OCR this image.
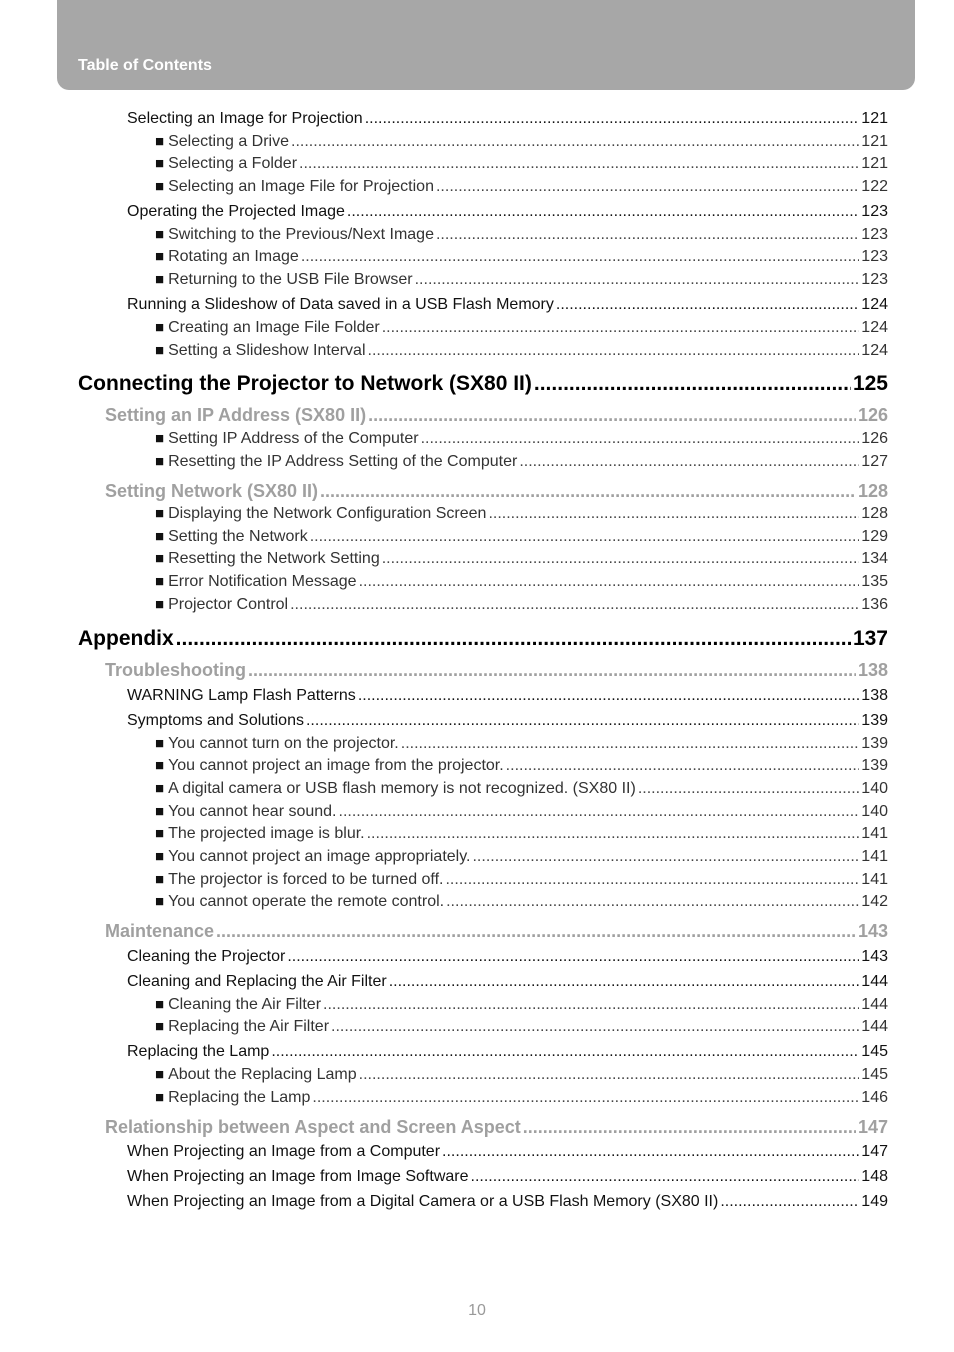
Table of Contents
Selecting an Image for Projection .....	121
■ Selecting a Drive .....	121
■ Selecting a Folder .....	121
■ Selecting an Image File for Projection .....	122
Operating the Projected Image .....	123
■ Switching to the Previous/Next Image .....	123
■ Rotating an Image .....	123
■ Returning to the USB File Browser .....	123
Running a Slideshow of Data saved in a USB Flash Memory .....	124
■ Creating an Image File Folder .....	124
■ Setting a Slideshow Interval .....	124
Connecting the Projector to Network (SX80 II) .....	125
Setting an IP Address (SX80 II) .....	126
■ Setting IP Address of the Computer .....	126
■ Resetting the IP Address Setting of the Computer .....	127
Setting Network (SX80 II) .....	128
■ Displaying the Network Configuration Screen .....	128
■ Setting the Network .....	129
■ Resetting the Network Setting .....	134
■ Error Notification Message .....	135
■ Projector Control .....	136
Appendix .....	137
Troubleshooting .....	138
WARNING Lamp Flash Patterns .....	138
Symptoms and Solutions .....	139
■ You cannot turn on the projector. .....	139
■ You cannot project an image from the projector. .....	139
■ A digital camera or USB flash memory is not recognized. (SX80 II) .....	140
■ You cannot hear sound. .....	140
■ The projected image is blur. .....	141
■ You cannot project an image appropriately. .....	141
■ The projector is forced to be turned off. .....	141
■ You cannot operate the remote control. .....	142
Maintenance .....	143
Cleaning the Projector .....	143
Cleaning and Replacing the Air Filter .....	144
■ Cleaning the Air Filter .....	144
■ Replacing the Air Filter .....	144
Replacing the Lamp .....	145
■ About the Replacing Lamp .....	145
■ Replacing the Lamp .....	146
Relationship between Aspect and Screen Aspect .....	147
When Projecting an Image from a Computer .....	147
When Projecting an Image from Image Software .....	148
When Projecting an Image from a Digital Camera or a USB Flash Memory (SX80 II) .....	149
10
